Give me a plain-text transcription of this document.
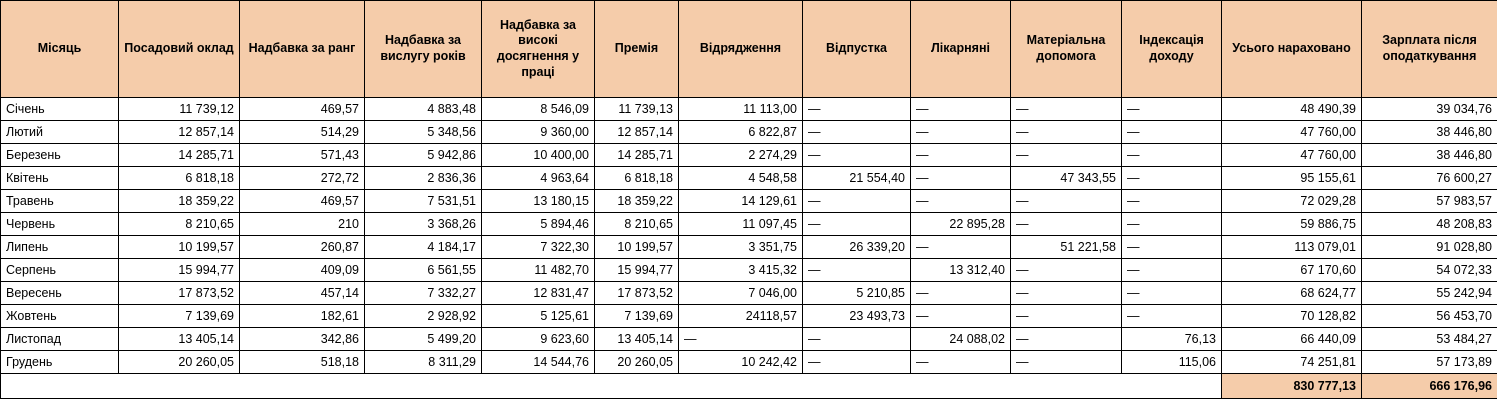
Місяць	Посадовий оклад	Надбавка за ранг	Надбавка за вислугу років	Надбавка за високі досягнення у праці	Премія	Відрядження	Відпустка	Лікарняні	Матеріальна допомога	Індексація доходу	Усього нараховано	Зарплата після оподаткування
Січень	11 739,12	469,57	4 883,48	8 546,09	11 739,13	11 113,00	—	—	—	—	48 490,39	39 034,76
Лютий	12 857,14	514,29	5 348,56	9 360,00	12 857,14	6 822,87	—	—	—	—	47 760,00	38 446,80
Березень	14 285,71	571,43	5 942,86	10 400,00	14 285,71	2 274,29	—	—	—	—	47 760,00	38 446,80
Квітень	6 818,18	272,72	2 836,36	4 963,64	6 818,18	4 548,58	21 554,40	—	47 343,55	—	95 155,61	76 600,27
Травень	18 359,22	469,57	7 531,51	13 180,15	18 359,22	14 129,61	—	—	—	—	72 029,28	57 983,57
Червень	8 210,65	210	3 368,26	5 894,46	8 210,65	11 097,45	—	22 895,28	—	—	59 886,75	48 208,83
Липень	10 199,57	260,87	4 184,17	7 322,30	10 199,57	3 351,75	26 339,20	—	51 221,58	—	113 079,01	91 028,80
Серпень	15 994,77	409,09	6 561,55	11 482,70	15 994,77	3 415,32	—	13 312,40	—	—	67 170,60	54 072,33
Вересень	17 873,52	457,14	7 332,27	12 831,47	17 873,52	7 046,00	5 210,85	—	—	—	68 624,77	55 242,94
Жовтень	7 139,69	182,61	2 928,92	5 125,61	7 139,69	24118,57	23 493,73	—	—	—	70 128,82	56 453,70
Листопад	13 405,14	342,86	5 499,20	9 623,60	13 405,14	—	—	24 088,02	—	76,13	66 440,09	53 484,27
Грудень	20 260,05	518,18	8 311,29	14 544,76	20 260,05	10 242,42	—	—	—	115,06	74 251,81	57 173,89
											830 777,13	666 176,96
